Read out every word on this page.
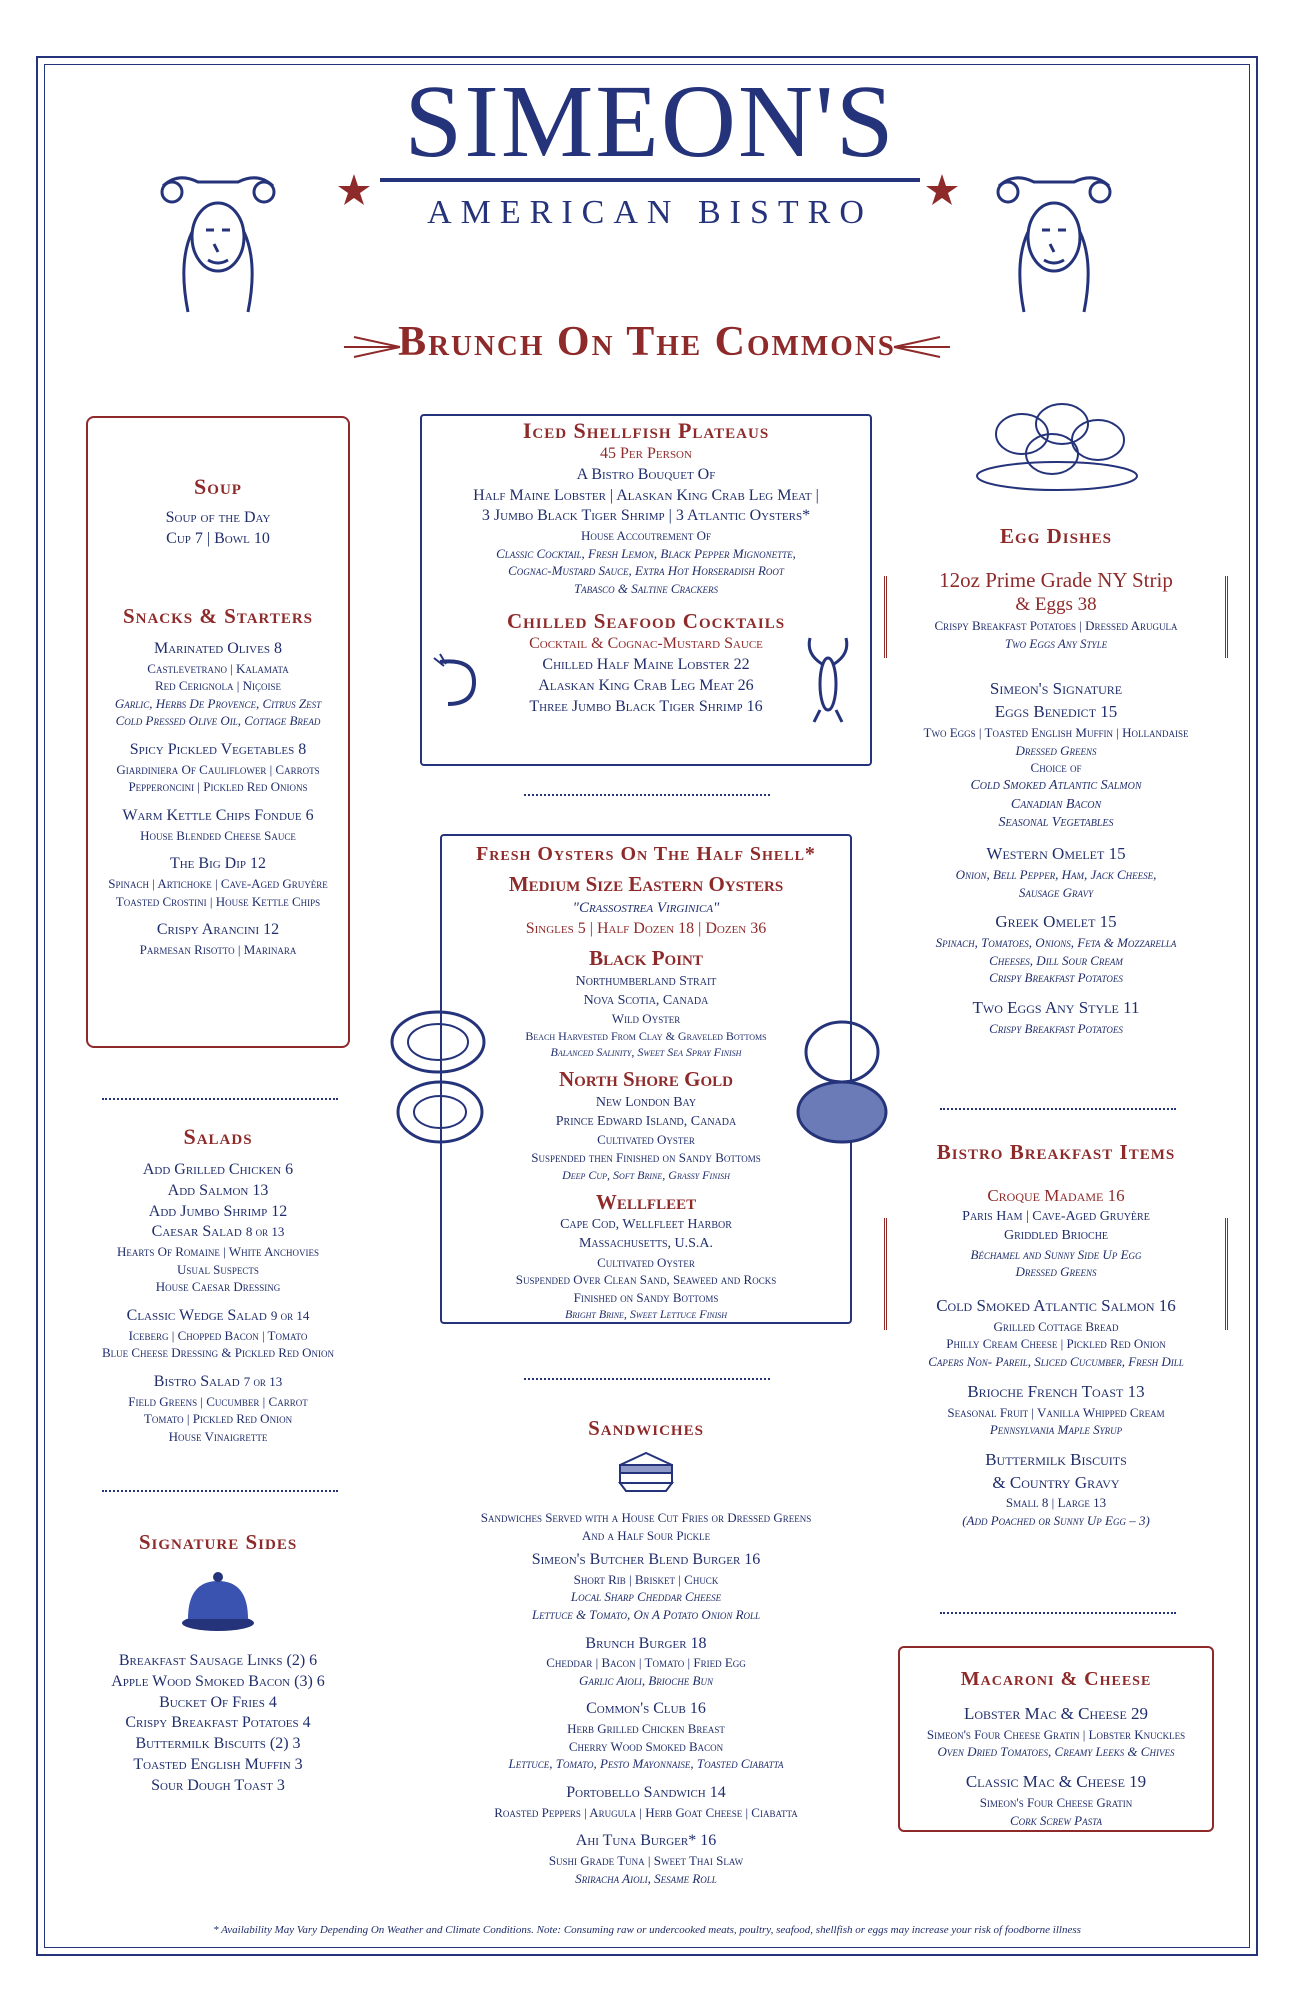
SIMEON'S
AMERICAN BISTRO
Brunch On The Commons
Soup
Soup of the Day
Cup 7 | Bowl 10
Snacks & Starters
Marinated Olives 8
Castlevetrano | Kalamata
Red Cerignola | Niçoise
Garlic, Herbs De Provence, Citrus Zest
Cold Pressed Olive Oil, Cottage Bread
Spicy Pickled Vegetables 8
Giardiniera Of Cauliflower | Carrots
Pepperoncini | Pickled Red Onions
Warm Kettle Chips Fondue 6
House Blended Cheese Sauce
The Big Dip 12
Spinach | Artichoke | Cave-Aged Gruyère
Toasted Crostini | House Kettle Chips
Crispy Arancini 12
Parmesan Risotto | Marinara
Salads
Add Grilled Chicken 6
Add Salmon 13
Add Jumbo Shrimp 12
Caesar Salad 8 or 13
Hearts Of Romaine | White Anchovies
Usual Suspects
House Caesar Dressing
Classic Wedge Salad 9 or 14
Iceberg | Chopped Bacon | Tomato
Blue Cheese Dressing & Pickled Red Onion
Bistro Salad 7 or 13
Field Greens | Cucumber | Carrot
Tomato | Pickled Red Onion
House Vinaigrette
Signature Sides
Breakfast Sausage Links (2) 6
Apple Wood Smoked Bacon (3) 6
Bucket Of Fries 4
Crispy Breakfast Potatoes 4
Buttermilk Biscuits (2) 3
Toasted English Muffin 3
Sour Dough Toast 3
Iced Shellfish Plateaus
45 Per Person
A Bistro Bouquet Of
Half Maine Lobster | Alaskan King Crab Leg Meat |
3 Jumbo Black Tiger Shrimp | 3 Atlantic Oysters*
House Accoutrement Of
Classic Cocktail, Fresh Lemon, Black Pepper Mignonette,
Cognac-Mustard Sauce, Extra Hot Horseradish Root
Tabasco & Saltine Crackers
Chilled Seafood Cocktails
Cocktail & Cognac-Mustard Sauce
Chilled Half Maine Lobster 22
Alaskan King Crab Leg Meat 26
Three Jumbo Black Tiger Shrimp 16
Fresh Oysters On The Half Shell*
Medium Size Eastern Oysters
"Crassostrea Virginica"
Singles 5 | Half Dozen 18 | Dozen 36
Black Point
Northumberland Strait
Nova Scotia, Canada
Wild Oyster
Beach Harvested From Clay & Graveled Bottoms
Balanced Salinity, Sweet Sea Spray Finish
North Shore Gold
New London Bay
Prince Edward Island, Canada
Cultivated Oyster
Suspended then Finished on Sandy Bottoms
Deep Cup, Soft Brine, Grassy Finish
Wellfleet
Cape Cod, Wellfleet Harbor
Massachusetts, U.S.A.
Cultivated Oyster
Suspended Over Clean Sand, Seaweed and Rocks
Finished on Sandy Bottoms
Bright Brine, Sweet Lettuce Finish
Sandwiches
Sandwiches Served with a House Cut Fries or Dressed Greens
And a Half Sour Pickle
Simeon's Butcher Blend Burger 16
Short Rib | Brisket | Chuck
Local Sharp Cheddar Cheese
Lettuce & Tomato, On A Potato Onion Roll
Brunch Burger 18
Cheddar | Bacon | Tomato | Fried Egg
Garlic Aioli, Brioche Bun
Common's Club 16
Herb Grilled Chicken Breast
Cherry Wood Smoked Bacon
Lettuce, Tomato, Pesto Mayonnaise, Toasted Ciabatta
Portobello Sandwich 14
Roasted Peppers | Arugula | Herb Goat Cheese | Ciabatta
Ahi Tuna Burger* 16
Sushi Grade Tuna | Sweet Thai Slaw
Sriracha Aioli, Sesame Roll
Egg Dishes
12oz Prime Grade NY Strip
& Eggs 38
Crispy Breakfast Potatoes | Dressed Arugula
Two Eggs Any Style
Simeon's Signature
Eggs Benedict 15
Two Eggs | Toasted English Muffin | Hollandaise
Dressed Greens
Choice of
Cold Smoked Atlantic Salmon
Canadian Bacon
Seasonal Vegetables
Western Omelet 15
Onion, Bell Pepper, Ham, Jack Cheese,
Sausage Gravy
Greek Omelet 15
Spinach, Tomatoes, Onions, Feta & Mozzarella
Cheeses, Dill Sour Cream
Crispy Breakfast Potatoes
Two Eggs Any Style 11
Crispy Breakfast Potatoes
Bistro Breakfast Items
Croque Madame 16
Paris Ham | Cave-Aged Gruyère
Griddled Brioche
Béchamel and Sunny Side Up Egg
Dressed Greens
Cold Smoked Atlantic Salmon 16
Grilled Cottage Bread
Philly Cream Cheese | Pickled Red Onion
Capers Non- Pareil, Sliced Cucumber, Fresh Dill
Brioche French Toast 13
Seasonal Fruit | Vanilla Whipped Cream
Pennsylvania Maple Syrup
Buttermilk Biscuits
& Country Gravy
Small 8 | Large 13
(Add Poached or Sunny Up Egg – 3)
Macaroni & Cheese
Lobster Mac & Cheese 29
Simeon's Four Cheese Gratin | Lobster Knuckles
Oven Dried Tomatoes, Creamy Leeks & Chives
Classic Mac & Cheese 19
Simeon's Four Cheese Gratin
Cork Screw Pasta
* Availability May Vary Depending On Weather and Climate Conditions. Note: Consuming raw or undercooked meats, poultry, seafood, shellfish or eggs may increase your risk of foodborne illness
